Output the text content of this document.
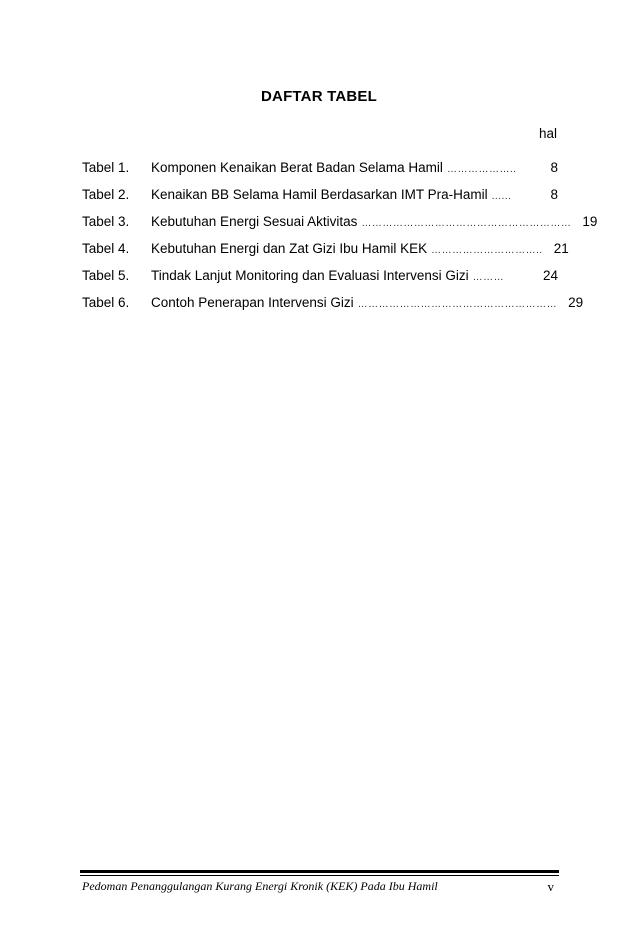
DAFTAR TABEL
hal
Tabel 1.	Komponen Kenaikan Berat Badan Selama Hamil ………………..	8
Tabel 2.	Kenaikan BB Selama Hamil Berdasarkan IMT Pra-Hamil ......	8
Tabel 3.	Kebutuhan Energi Sesuai Aktivitas …………………………………………………… 19
Tabel 4.	Kebutuhan Energi dan Zat Gizi Ibu Hamil KEK ………………………….. 21
Tabel 5.	Tindak Lanjut Monitoring dan Evaluasi Intervensi Gizi ………	24
Tabel 6.	Contoh Penerapan Intervensi Gizi ………………………………………………… 29
Pedoman Penanggulangan Kurang Energi Kronik (KEK) Pada Ibu Hamil	v
